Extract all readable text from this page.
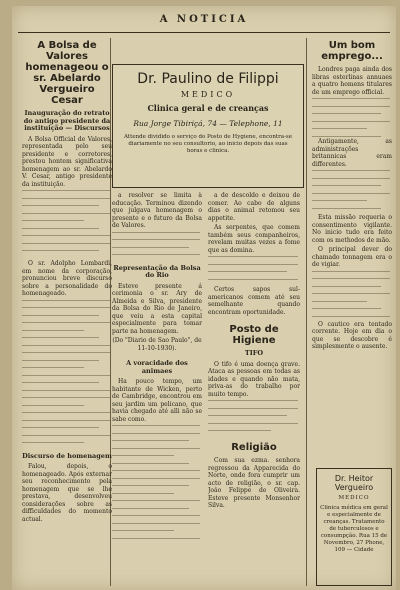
A NOTICIA
A Bolsa de Valores homenageou o sr. Abelardo Vergueiro Cesar
Inauguração do retrato do antigo presidente da instituição — Discursos

A Bolsa Official de Valores, representada pelo seu presidente e corretores, prestou hontem significativa homenagem ao sr. Abelardo V. Cesar, antigo presidente da instituição.

O sr. Adolpho Lombardi, em nome da corporação, pronunciou breve discurso sobre a personalidade do homenageado.

Discurso de homenagem

Falou, depois, o homenageado. Após externar seu reconhecimento pela homenagem que se lhe prestava, desenvolveu considerações sobre as difficuldades do momento actual.

Dr. Paulino de Filippi
MEDICO
Clinica geral e de creanças
Rua Jorge Tibiriçá, 74 — Telephone, 11
Attende dividido o serviço do Posto de Hygiene, encontra-se diariamente no seu consultorio, ao inicio depois das suas horas e clinica.

a resolver se limita à educação. Terminou dizendo que julgava homenagem o presente e o futuro da Bolsa de Valores.

Representação da Bolsa do Rio

Esteve presente á cerimonia o sr. Ary de Almeida e Silva, presidente da Bolsa do Rio de Janeiro, que veiu a esta capital especialmente para tomar parte na homenagem.

(Do "Diario de Sao Paulo", de 11-10-1930).

A voracidade dos animaes

Ha pouco tempo, um habitante de Wicken, perto de Cambridge, encontrou em seu jardim um pelicano, que havia chegado até alli não se sabe como.

a de descoldo e deixou de comer. Ao cabo de alguns dias o animal retomou seu appetite.

As serpentes, que comem também seus companheiros, revelam muitas vezes a fome que as domina.

Certos sapos sul-americanos comem até seu semelhante quando encontram oportunidade.

Posto de Higiene
TIFO

O tifo é uma doença grave. Ataca as pessoas em todas as idades e quando não mata, priva-as do trabalho por muito tempo.

Religião

Com sua ezma. senhora regressou da Apparecida do Norte, onde fora cumprir um acto de religião, o sr. cap. Joâo Felippe de Oliveira. Esteve presente Monsenhor Silva.

Um bom emprego...

Londres paga ainda dos libras esterlinas annuaes a quatro homens titulares de um emprego official.

Antigamente, as administrações britannicas eram differentes.

Esta missão requeria o consentimento vigilante. No inicio tudo era feito com os methodos de mão.

O principal dever do chamado tonnagem era o de vigiar.

O cautico era tentado corrente. Hoje em dia o que se descobre é simplesmente o ausente.

Dr. Heitor Vergueiro
MEDICO
Clinica médica em geral e especialmente de creanças. Tratamento de tuberculosos e consumpção. Rua 15 de Novembro, 27 Phone, 109 — Cidade
